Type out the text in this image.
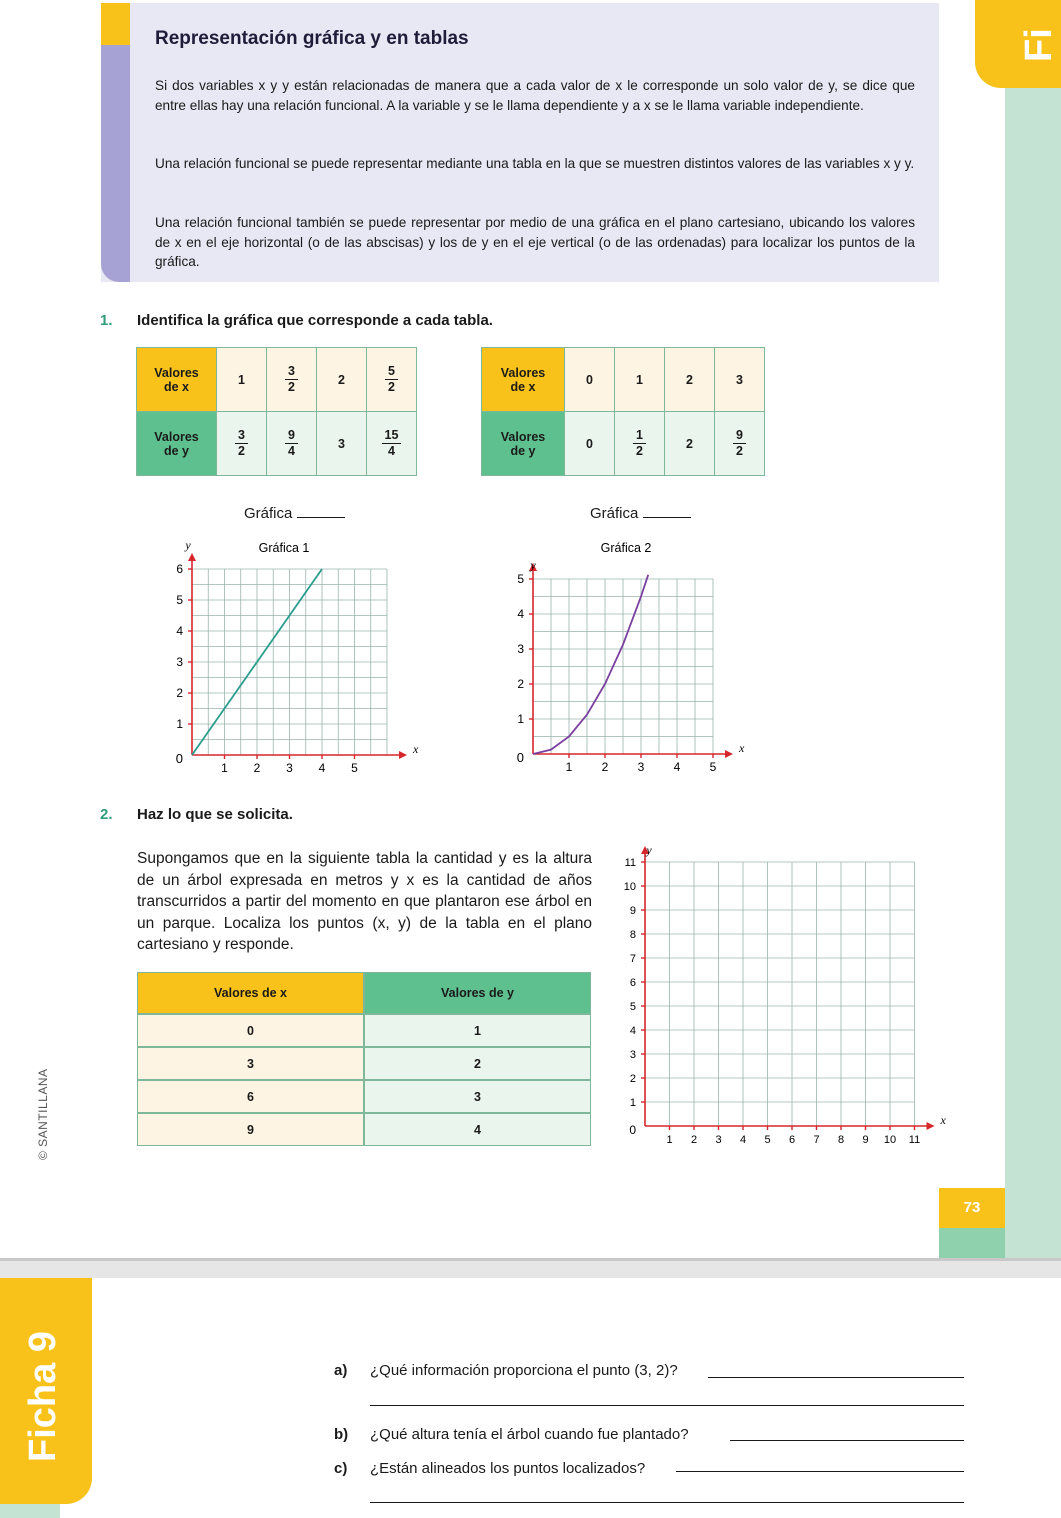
Fi
Representación gráfica y en tablas

Si dos variables x y y están relacionadas de manera que a cada valor de x le corresponde un solo valor de y, se dice que entre ellas hay una relación funcional. A la variable y se le llama dependiente y a x se le llama variable independiente.

Una relación funcional se puede representar mediante una tabla en la que se muestren distintos valores de las variables x y y.

Una relación funcional también se puede representar por medio de una gráfica en el plano cartesiano, ubicando los valores de x en el eje horizontal (o de las abscisas) y los de y en el eje vertical (o de las ordenadas) para localizar los puntos de la gráfica.

1. Identifica la gráfica que corresponde a cada tabla.
Valores
de x	1	$\frac{3}{2}$	2	$\frac{5}{2}$

Valores
de y	$\frac{3}{2}$	$\frac{9}{4}$	3	$\frac{15}{4}$
Valores
de x	0	1	2	3
Valores
de y	0	$\frac{1}{2}$	2	$\frac{9}{2}$
Gráfica	Gráfica
Gráfica 1
1 2 3 4 5
1
2
3
4
5
6
0
x
y	Gráfica 2
1 2 3 4 5
1
2
3
4
5
0
x
y
1 2 3 4 5 6 7 8 9 10 11
1
2
3
4
5
6
7
8
9
10
11
0
x
y
2. Haz lo que se solicita.

Supongamos que en la siguiente tabla la cantidad y es la altura de un árbol expresada en metros y x es la cantidad de años transcurridos a partir del momento en que plantaron ese árbol en un parque. Localiza los puntos (x, y) de la tabla en el plano cartesiano y responde.

Valores de x	Valores de y
0	1
3	2
6	3
9	4
© SANTILLANA
73
Ficha 9	a) ¿Qué información proporciona el punto (3, 2)?
b) ¿Qué altura tenía el árbol cuando fue plantado?
c) ¿Están alineados los puntos localizados?
